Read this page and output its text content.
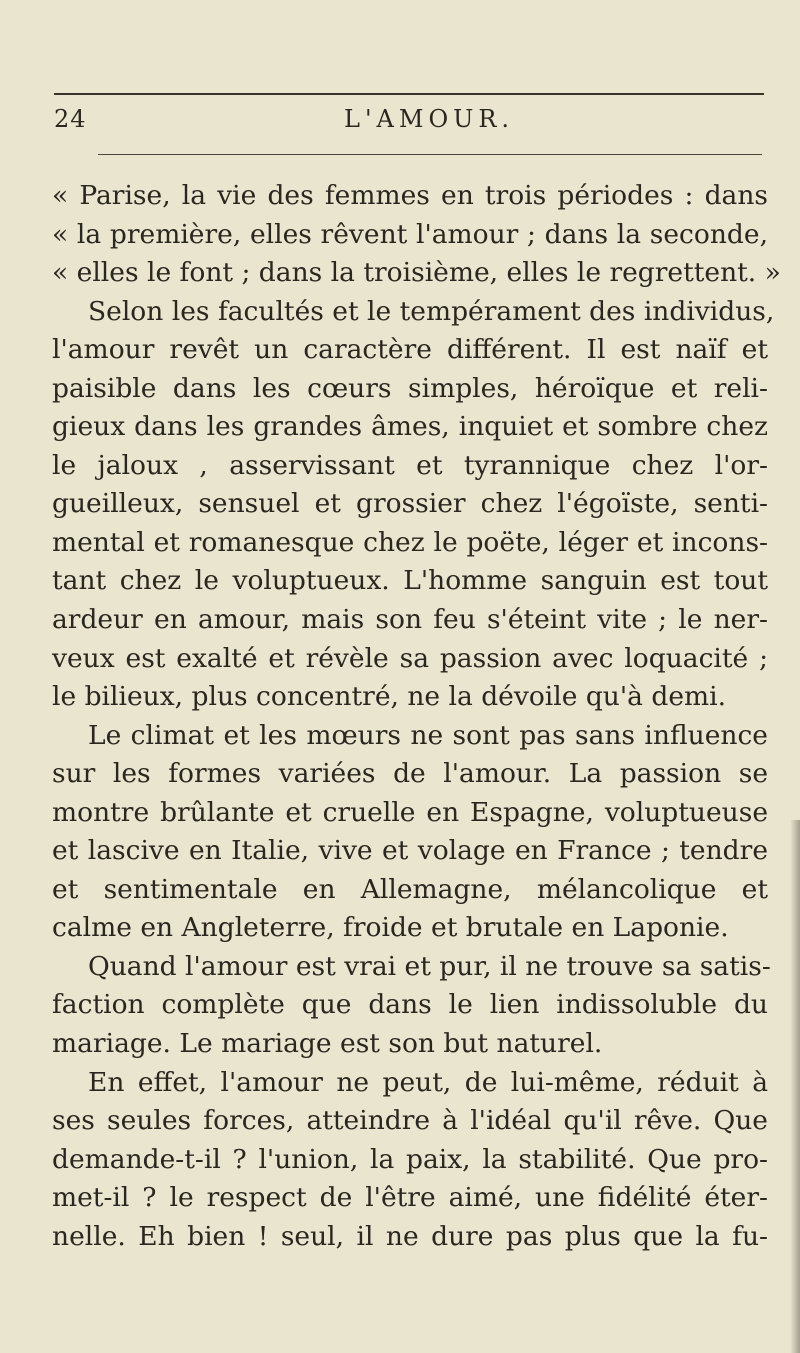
24	L'AMOUR.
« Parise, la vie des femmes en trois périodes : dans
« la première, elles rêvent l'amour ; dans la seconde,
« elles le font ; dans la troisième, elles le regrettent. »
Selon les facultés et le tempérament des individus,
l'amour revêt un caractère différent. Il est naïf et
paisible dans les cœurs simples, héroïque et reli-
gieux dans les grandes âmes, inquiet et sombre chez
le jaloux , asservissant et tyrannique chez l'or-
gueilleux, sensuel et grossier chez l'égoïste, senti-
mental et romanesque chez le poëte, léger et incons-
tant chez le voluptueux. L'homme sanguin est tout
ardeur en amour, mais son feu s'éteint vite ; le ner-
veux est exalté et révèle sa passion avec loquacité ;
le bilieux, plus concentré, ne la dévoile qu'à demi.
Le climat et les mœurs ne sont pas sans influence
sur les formes variées de l'amour. La passion se
montre brûlante et cruelle en Espagne, voluptueuse
et lascive en Italie, vive et volage en France ; tendre
et sentimentale en Allemagne, mélancolique et
calme en Angleterre, froide et brutale en Laponie.
Quand l'amour est vrai et pur, il ne trouve sa satis-
faction complète que dans le lien indissoluble du
mariage. Le mariage est son but naturel.
En effet, l'amour ne peut, de lui-même, réduit à
ses seules forces, atteindre à l'idéal qu'il rêve. Que
demande-t-il ? l'union, la paix, la stabilité. Que pro-
met-il ? le respect de l'être aimé, une fidélité éter-
nelle. Eh bien ! seul, il ne dure pas plus que la fu-
